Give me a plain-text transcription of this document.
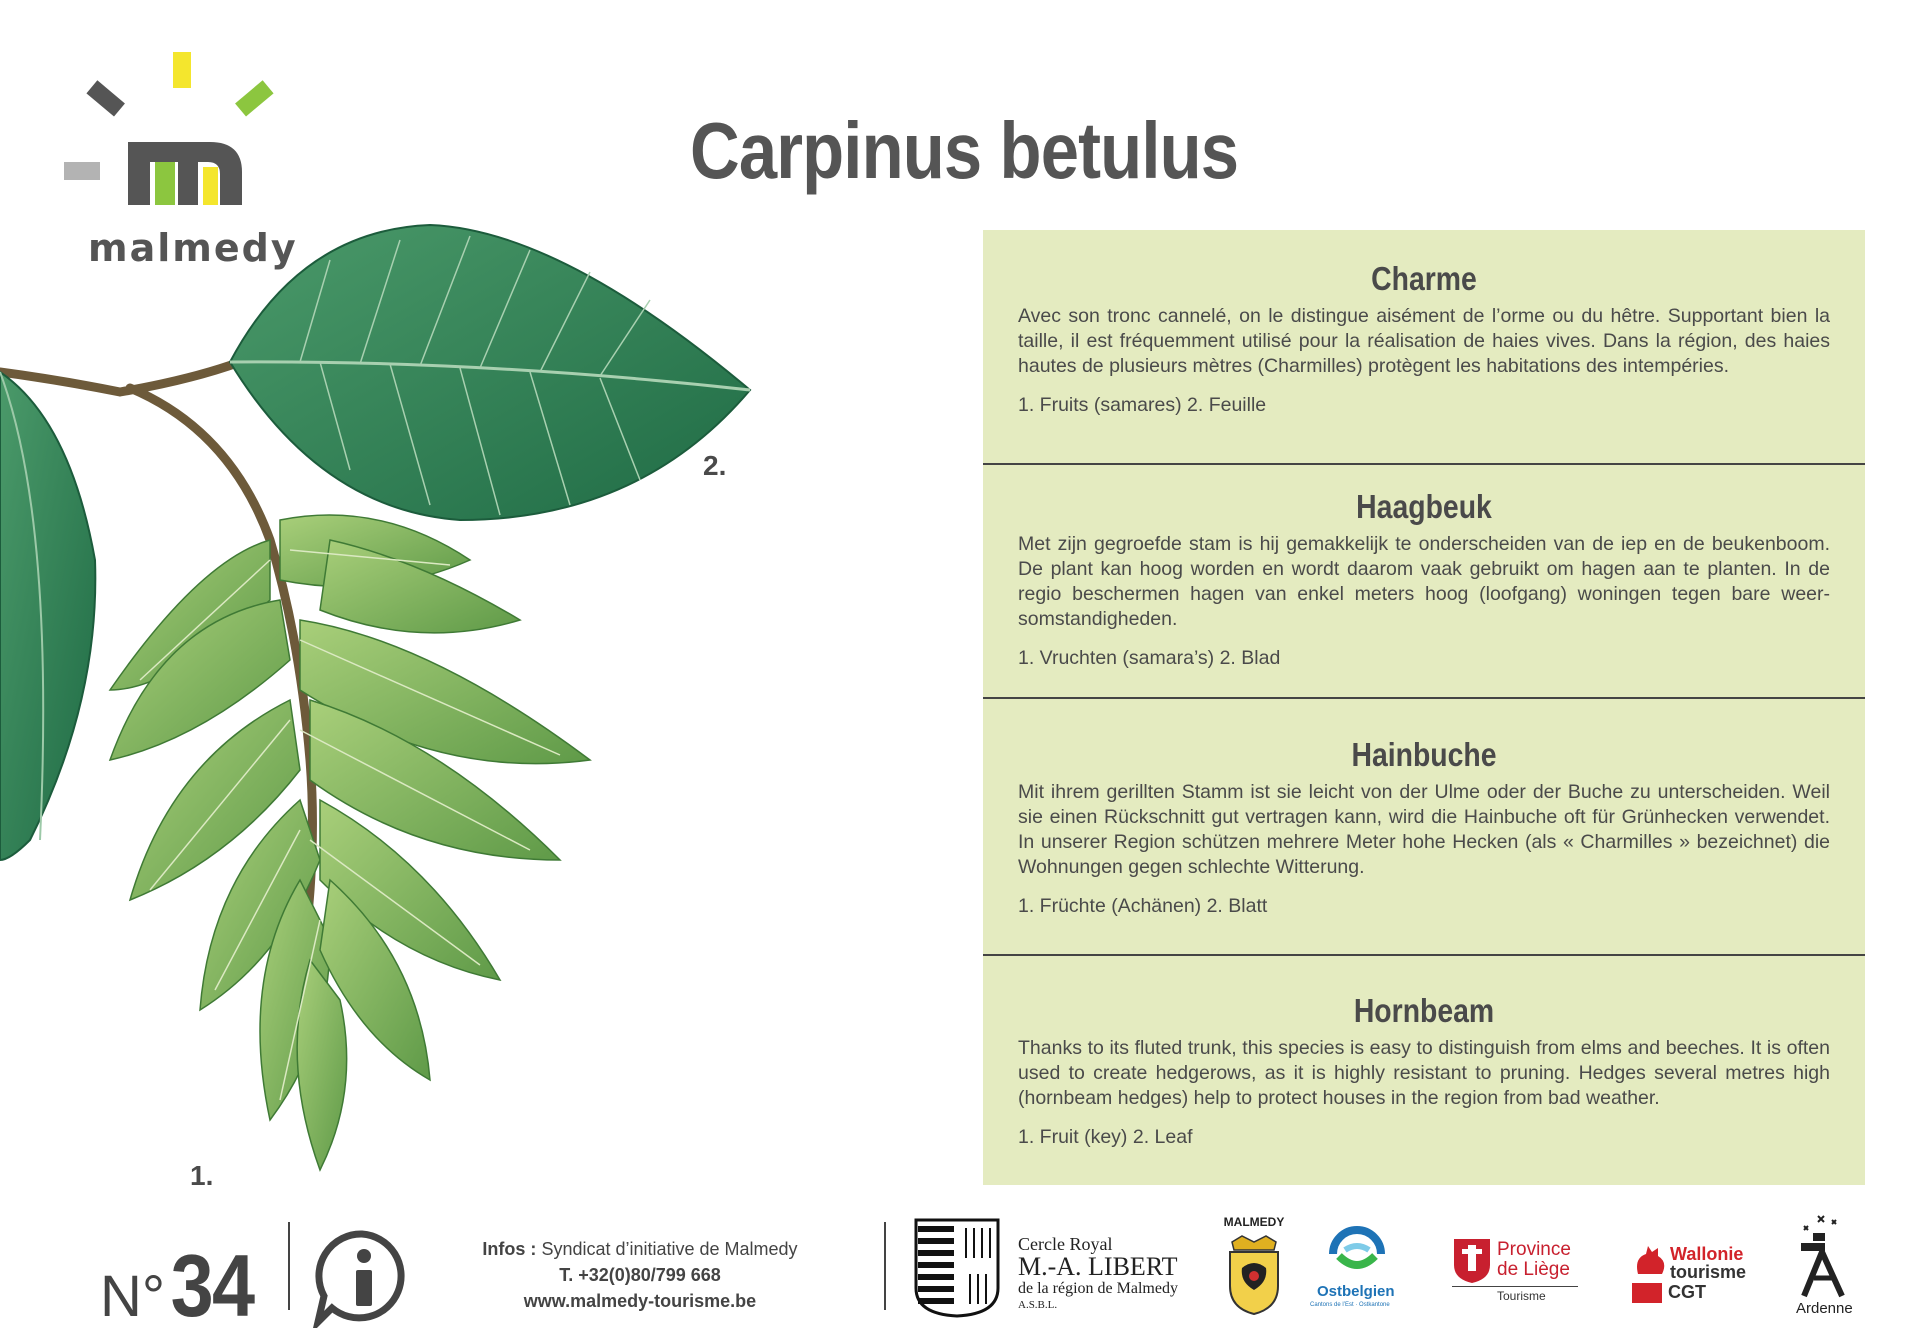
malmedy
Carpinus betulus
2.
1.
Charme

Avec son tronc cannelé, on le distingue aisément de l’orme ou du hêtre. Supportant bien la taille, il est fréquemment utilisé pour la réalisation de haies vives. Dans la région, des haies hautes de plusieurs mètres (Charmilles) protègent les habitations des intempéries.

1. Fruits (samares) 2. Feuille

Haagbeuk

Met zijn gegroefde stam is hij gemakkelijk te onderscheiden van de iep en de beukenboom. De plant kan hoog worden en wordt daarom vaak gebruikt om hagen aan te planten. In de regio beschermen hagen van enkel meters hoog (loofgang) woningen tegen bare weer-somstandigheden.

1. Vruchten (samara’s) 2. Blad

Hainbuche

Mit ihrem gerillten Stamm ist sie leicht von der Ulme oder der Buche zu unterscheiden. Weil sie einen Rückschnitt gut vertragen kann, wird die Hainbuche oft für Grünhecken verwendet. In unserer Region schützen mehrere Meter hohe Hecken (als « Charmilles » bezeichnet) die Wohnungen gegen schlechte Witterung.

1. Früchte (Achänen) 2. Blatt

Hornbeam

Thanks to its fluted trunk, this species is easy to distinguish from elms and beeches. It is often used to create hedgerows, as it is highly resistant to pruning. Hedges several metres high (hornbeam hedges) help to protect houses in the region from bad weather.

1. Fruit (key) 2. Leaf

N°34	Infos : Syndicat d’initiative de Malmedy
T. +32(0)80/799 668
www.malmedy-tourisme.be
Cercle Royal
M.-A. LIBERT
de la région de Malmedy
A.S.B.L.
MALMEDY
Ostbelgien
Cantons de l’Est · Ostkantone
Province
de Liège
Tourisme
Wallonie
tourisme
CGT
Ardenne
